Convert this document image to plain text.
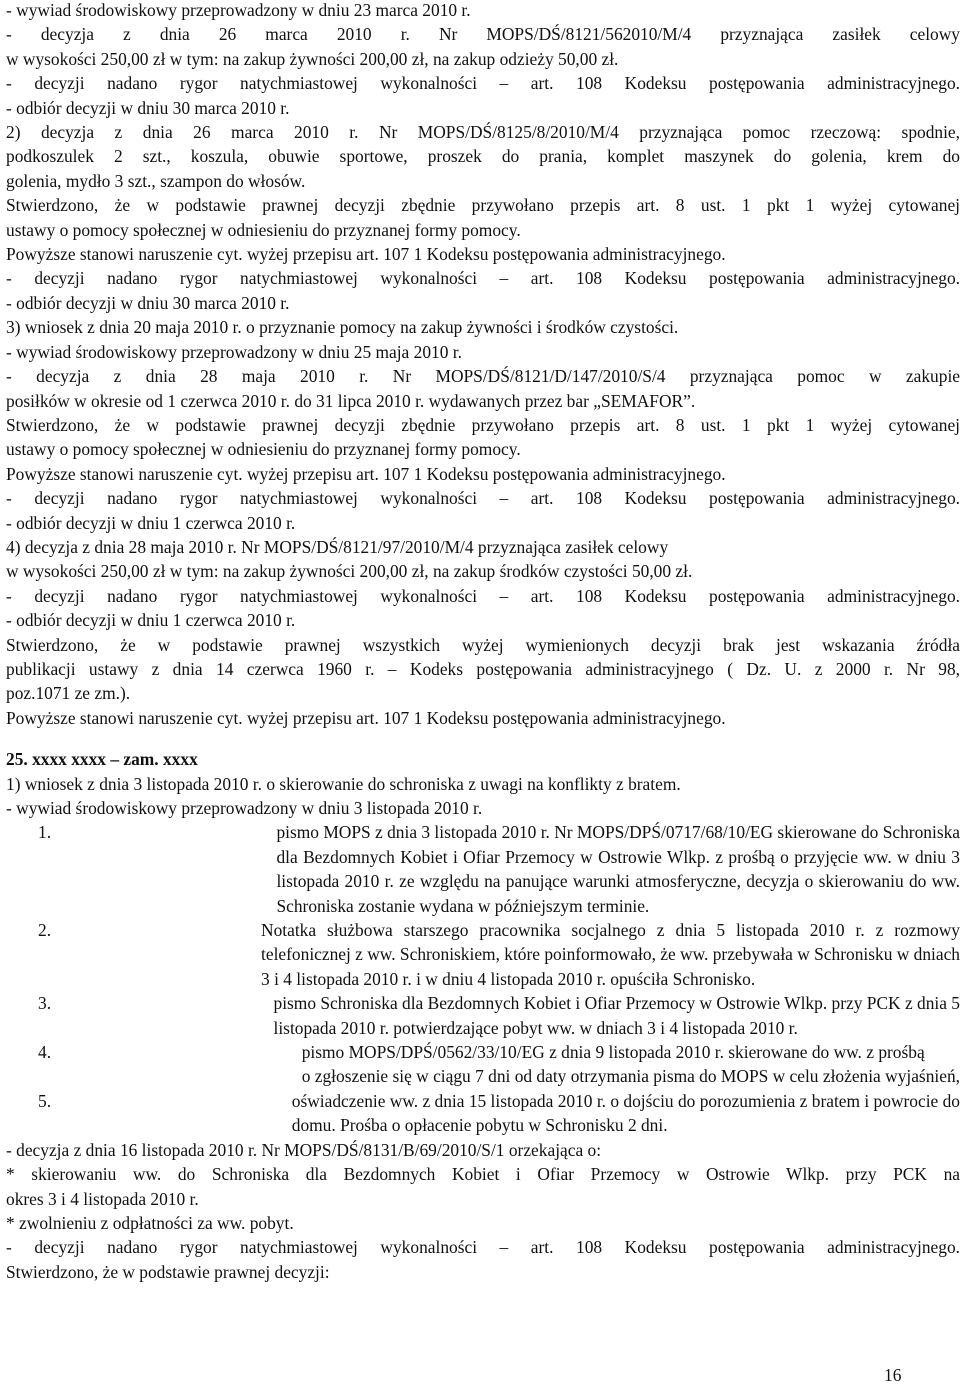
- wywiad środowiskowy przeprowadzony w dniu 23 marca 2010 r.
- decyzja z dnia 26 marca 2010 r. Nr MOPS/DŚ/8121/562010/M/4 przyznająca zasiłek celowy
w wysokości 250,00 zł w tym: na zakup żywności 200,00 zł, na zakup odzieży 50,00 zł.
- decyzji nadano rygor natychmiastowej wykonalności – art. 108 Kodeksu postępowania administracyjnego.
- odbiór decyzji w dniu 30 marca 2010 r.
2) decyzja z dnia 26 marca 2010 r. Nr MOPS/DŚ/8125/8/2010/M/4 przyznająca pomoc rzeczową: spodnie,
podkoszulek 2 szt., koszula, obuwie sportowe, proszek do prania, komplet maszynek do golenia, krem do
golenia, mydło 3 szt., szampon do włosów.
Stwierdzono, że w podstawie prawnej decyzji zbędnie przywołano przepis art. 8 ust. 1 pkt 1 wyżej cytowanej
ustawy o pomocy społecznej w odniesieniu do przyznanej formy pomocy.
Powyższe stanowi naruszenie cyt. wyżej przepisu art. 107 1 Kodeksu postępowania administracyjnego.
- decyzji nadano rygor natychmiastowej wykonalności – art. 108 Kodeksu postępowania administracyjnego.
- odbiór decyzji w dniu 30 marca 2010 r.
3) wniosek z dnia 20 maja 2010 r. o przyznanie pomocy na zakup żywności i środków czystości.
- wywiad środowiskowy przeprowadzony w dniu 25 maja 2010 r.
- decyzja z dnia 28 maja 2010 r. Nr MOPS/DŚ/8121/D/147/2010/S/4 przyznająca pomoc w zakupie
posiłków w okresie od 1 czerwca 2010 r. do 31 lipca 2010 r. wydawanych przez bar „SEMAFOR”.
Stwierdzono, że w podstawie prawnej decyzji zbędnie przywołano przepis art. 8 ust. 1 pkt 1 wyżej cytowanej
ustawy o pomocy społecznej w odniesieniu do przyznanej formy pomocy.
Powyższe stanowi naruszenie cyt. wyżej przepisu art. 107 1 Kodeksu postępowania administracyjnego.
- decyzji nadano rygor natychmiastowej wykonalności – art. 108 Kodeksu postępowania administracyjnego.
- odbiór decyzji w dniu 1 czerwca 2010 r.
4) decyzja z dnia 28 maja 2010 r. Nr MOPS/DŚ/8121/97/2010/M/4 przyznająca zasiłek celowy
w wysokości 250,00 zł w tym: na zakup żywności 200,00 zł, na zakup środków czystości 50,00 zł.
- decyzji nadano rygor natychmiastowej wykonalności – art. 108 Kodeksu postępowania administracyjnego.
- odbiór decyzji w dniu 1 czerwca 2010 r.
Stwierdzono, że w podstawie prawnej wszystkich wyżej wymienionych decyzji brak jest wskazania źródła
publikacji ustawy z dnia 14 czerwca 1960 r. – Kodeks postępowania administracyjnego ( Dz. U. z 2000 r. Nr 98,
poz.1071 ze zm.).
Powyższe stanowi naruszenie cyt. wyżej przepisu art. 107 1 Kodeksu postępowania administracyjnego.
25. xxxx xxxx – zam. xxxx
1) wniosek z dnia 3 listopada 2010 r. o skierowanie do schroniska z uwagi na konflikty z bratem.
- wywiad środowiskowy przeprowadzony w dniu 3 listopada 2010 r.
1.	pismo MOPS z dnia 3 listopada 2010 r. Nr MOPS/DPŚ/0717/68/10/EG skierowane do Schroniska
dla Bezdomnych Kobiet i Ofiar Przemocy w Ostrowie Wlkp. z prośbą o przyjęcie ww. w dniu 3
listopada 2010 r. ze względu na panujące warunki atmosferyczne, decyzja o skierowaniu do ww.
Schroniska zostanie wydana w późniejszym terminie.
2.	Notatka służbowa starszego pracownika socjalnego z dnia 5 listopada 2010 r. z rozmowy
telefonicznej z ww. Schroniskiem, które poinformowało, że ww. przebywała w Schronisku w dniach
3 i 4 listopada 2010 r. i w dniu 4 listopada 2010 r. opuściła Schronisko.
3.	pismo Schroniska dla Bezdomnych Kobiet i Ofiar Przemocy w Ostrowie Wlkp. przy PCK z dnia 5
listopada 2010 r. potwierdzające pobyt ww. w dniach 3 i 4 listopada 2010 r.
4.	pismo MOPS/DPŚ/0562/33/10/EG z dnia 9 listopada 2010 r. skierowane do ww. z prośbą
o zgłoszenie się w ciągu 7 dni od daty otrzymania pisma do MOPS w celu złożenia wyjaśnień,
5.	oświadczenie ww. z dnia 15 listopada 2010 r. o dojściu do porozumienia z bratem i powrocie do
domu. Prośba o opłacenie pobytu w Schronisku 2 dni.
- decyzja z dnia 16 listopada 2010 r. Nr MOPS/DŚ/8131/B/69/2010/S/1 orzekająca o:
* skierowaniu ww. do Schroniska dla Bezdomnych Kobiet i Ofiar Przemocy w Ostrowie Wlkp. przy PCK na
okres 3 i 4 listopada 2010 r.
* zwolnieniu z odpłatności za ww. pobyt.
- decyzji nadano rygor natychmiastowej wykonalności – art. 108 Kodeksu postępowania administracyjnego.
Stwierdzono, że w podstawie prawnej decyzji:
16
